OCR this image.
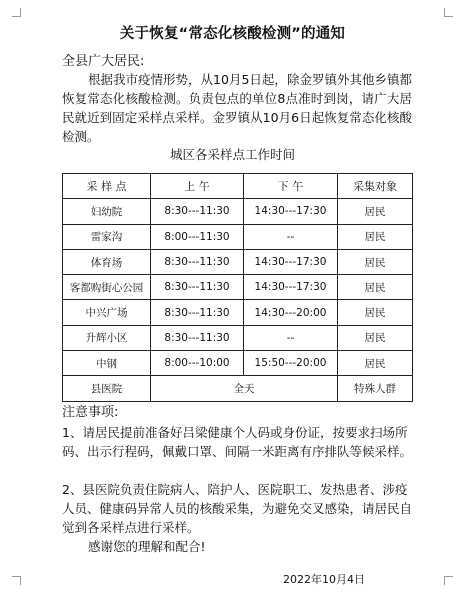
关于恢复“常态化核酸检测”的通知
全县广大居民:
根据我市疫情形势，从10月5日起，除金罗镇外其他乡镇都恢复常态化核酸检测。负责包点的单位8点准时到岗，请广大居民就近到固定采样点采样。金罗镇从10月6日起恢复常态化核酸检测。
城区各采样点工作时间
采 样 点	上 午	下 午	采集对象
妇幼院	8:30---11:30	14:30---17:30	居民
雷家沟	8:00---11:30	--	居民
体育场	8:30---11:30	14:30---17:30	居民
客都购街心公园	8:30---11:30	14:30---17:30	居民
中兴广场	8:30---11:30	14:30---20:00	居民
升辉小区	8:30---11:30	--	居民
中钢	8:00---10:00	15:50---20:00	居民
县医院	全天		特殊人群
注意事项:
1、请居民提前准备好吕梁健康个人码或身份证，按要求扫场所码、出示行程码，佩戴口罩、间隔一米距离有序排队等候采样。
2、县医院负责住院病人、陪护人、医院职工、发热患者、涉疫人员、健康码异常人员的核酸采集，为避免交叉感染，请居民自觉到各采样点进行采样。
感谢您的理解和配合!
2022年10月4日
